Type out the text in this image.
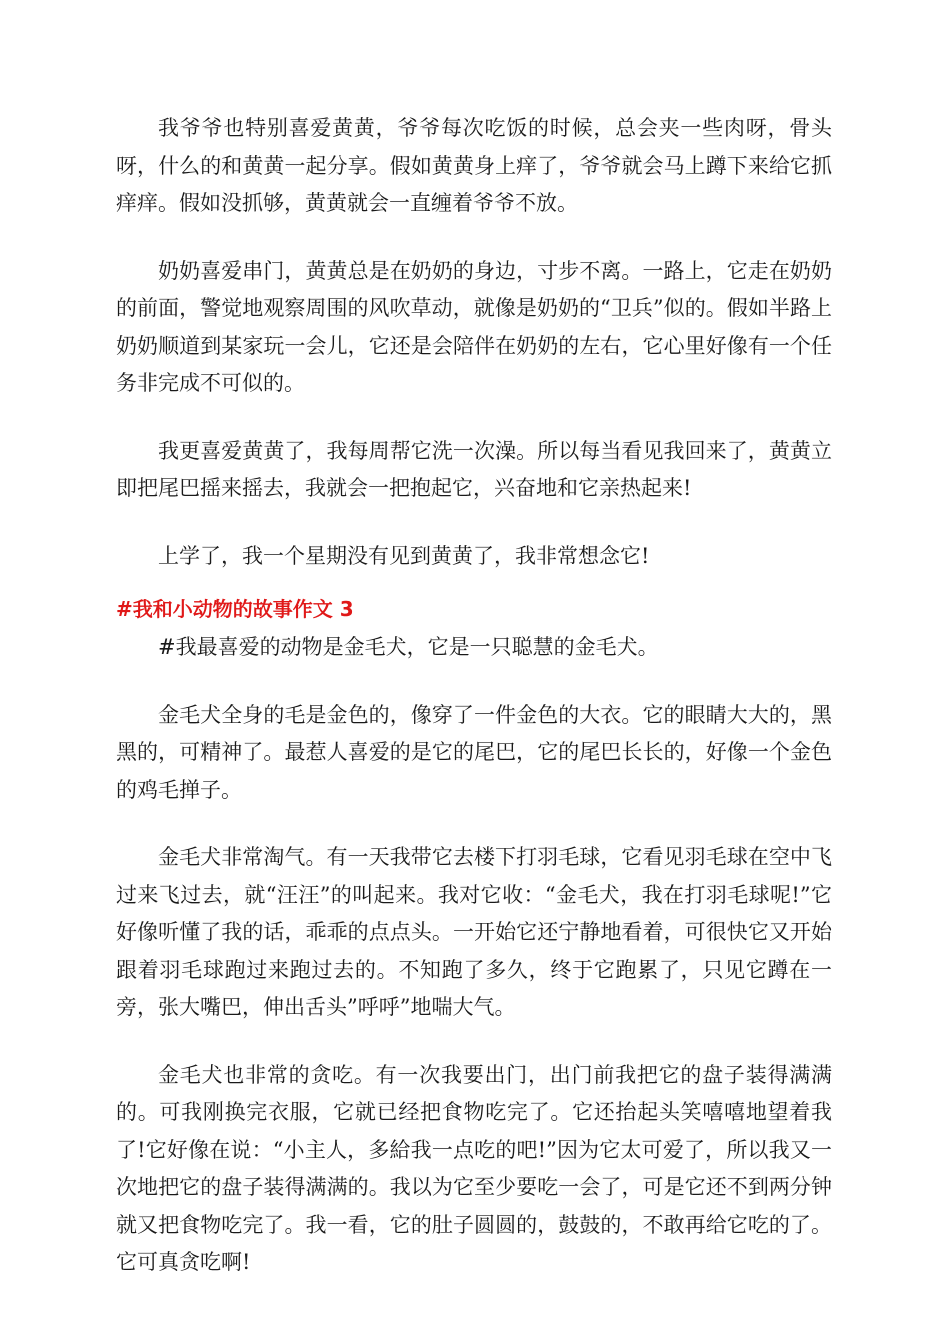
我爷爷也特别喜爱黄黄，爷爷每次吃饭的时候，总会夹一些肉呀，骨头呀，什么的和黄黄一起分享。假如黄黄身上痒了，爷爷就会马上蹲下来给它抓痒痒。假如没抓够，黄黄就会一直缠着爷爷不放。

奶奶喜爱串门，黄黄总是在奶奶的身边，寸步不离。一路上，它走在奶奶的前面，警觉地观察周围的风吹草动，就像是奶奶的“卫兵”似的。假如半路上奶奶顺道到某家玩一会儿，它还是会陪伴在奶奶的左右，它心里好像有一个任务非完成不可似的。

我更喜爱黄黄了，我每周帮它洗一次澡。所以每当看见我回来了，黄黄立即把尾巴摇来摇去，我就会一把抱起它，兴奋地和它亲热起来!

上学了，我一个星期没有见到黄黄了，我非常想念它!

#我和小动物的故事作文 3

#我最喜爱的动物是金毛犬，它是一只聪慧的金毛犬。

金毛犬全身的毛是金色的，像穿了一件金色的大衣。它的眼睛大大的，黑黑的，可精神了。最惹人喜爱的是它的尾巴，它的尾巴长长的，好像一个金色的鸡毛掸子。

金毛犬非常淘气。有一天我带它去楼下打羽毛球，它看见羽毛球在空中飞过来飞过去，就“汪汪”的叫起来。我对它收：“金毛犬，我在打羽毛球呢!”它好像听懂了我的话，乖乖的点点头。一开始它还宁静地看着，可很快它又开始跟着羽毛球跑过来跑过去的。不知跑了多久，终于它跑累了，只见它蹲在一旁，张大嘴巴，伸出舌头”呼呼”地喘大气。

金毛犬也非常的贪吃。有一次我要出门，出门前我把它的盘子装得满满的。可我刚换完衣服，它就已经把食物吃完了。它还抬起头笑嘻嘻地望着我了!它好像在说：“小主人，多給我一点吃的吧!”因为它太可爱了，所以我又一次地把它的盘子装得满满的。我以为它至少要吃一会了，可是它还不到两分钟就又把食物吃完了。我一看，它的肚子圆圆的，鼓鼓的，不敢再给它吃的了。它可真贪吃啊!
